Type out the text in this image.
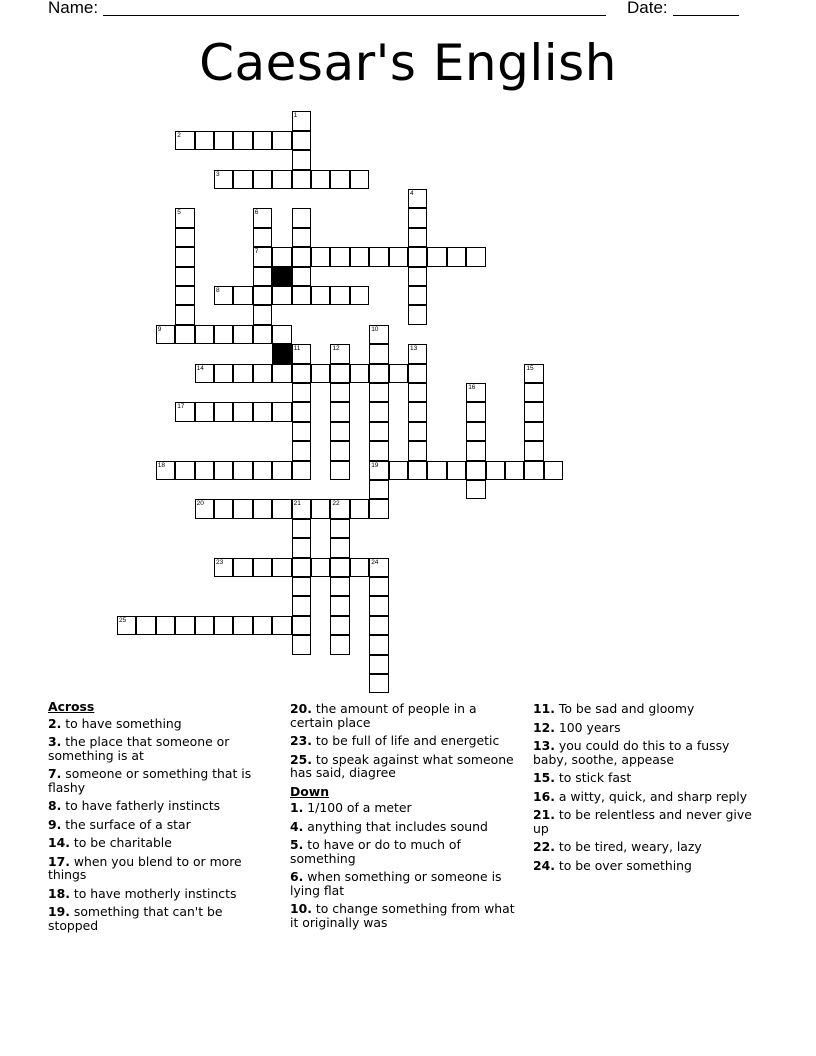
Name:	Date:
Caesar's English
1
2
3
4
5	6
7
8
9	10
11	12	13
14	15
16
17
18	19
20	21	22
23	24
25
Across
2. to have something
3. the place that someone or something is at
7. someone or something that is flashy
8. to have fatherly instincts
9. the surface of a star
14. to be charitable
17. when you blend to or more things
18. to have motherly instincts
19. something that can't be stopped
20. the amount of people in a certain place
23. to be full of life and energetic
25. to speak against what someone has said, diagree
Down
1. 1/100 of a meter
4. anything that includes sound
5. to have or do to much of something
6. when something or someone is lying flat
10. to change something from what it originally was
11. To be sad and gloomy
12. 100 years
13. you could do this to a fussy baby, soothe, appease
15. to stick fast
16. a witty, quick, and sharp reply
21. to be relentless and never give up
22. to be tired, weary, lazy
24. to be over something
